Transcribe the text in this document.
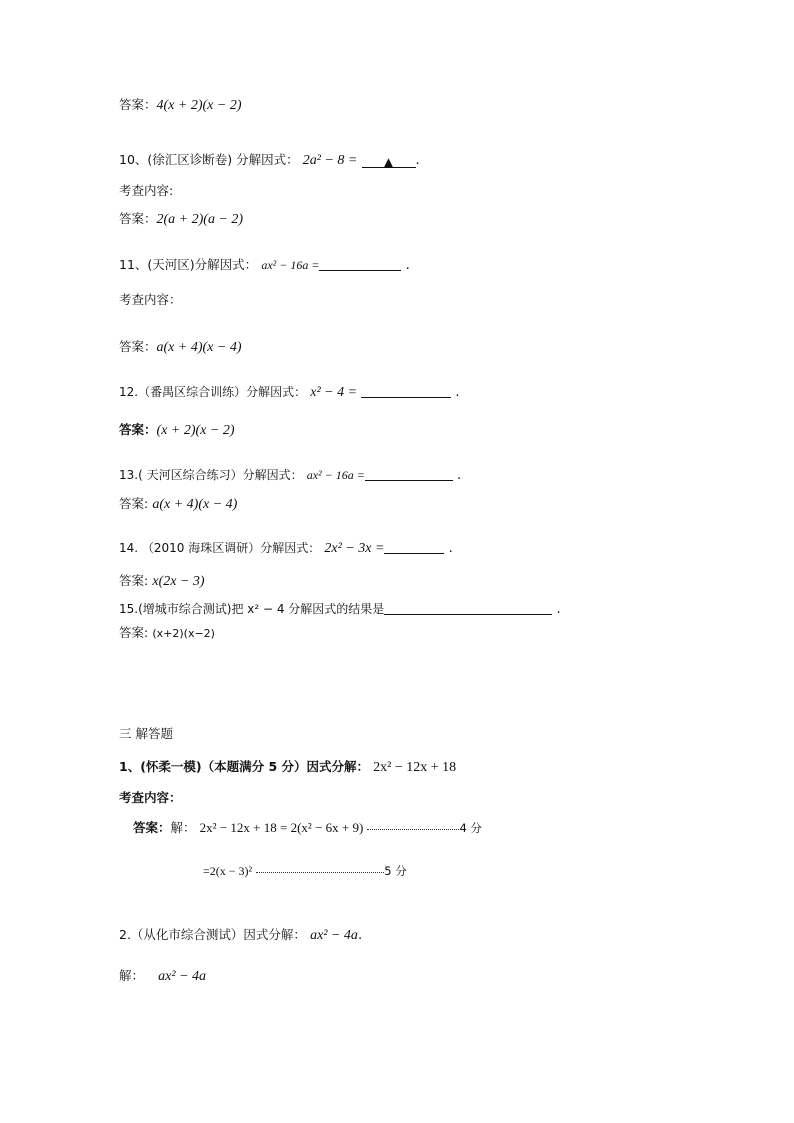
答案：4(x + 2)(x − 2)
10、(徐汇区诊断卷) 分解因式： 2a² − 8 = ▲ .
考查内容:
答案：2(a + 2)(a − 2)
11、(天河区)分解因式： ax² − 16a =	.
考查内容：
答案：a(x + 4)(x − 4)
12.（番禺区综合训练）分解因式： x² − 4 =	.
答案：(x + 2)(x − 2)
13.( 天河区综合练习）分解因式： ax² − 16a =	.
答案: a(x + 4)(x − 4)
14. （2010 海珠区调研）分解因式： 2x² − 3x =	.
答案: x(2x − 3)
15.(增城市综合测试)把 x² − 4 分解因式的结果是	.
答案: (x+2)(x−2)
三 解答题
1、(怀柔一模)（本题满分 5 分）因式分解： 2x² − 12x + 18
考查内容：
答案：解： 2x² − 12x + 18 = 2(x² − 6x + 9)	4 分
=2(x − 3)²	5 分
2.（从化市综合测试）因式分解： ax² − 4a.
解： ax² − 4a
